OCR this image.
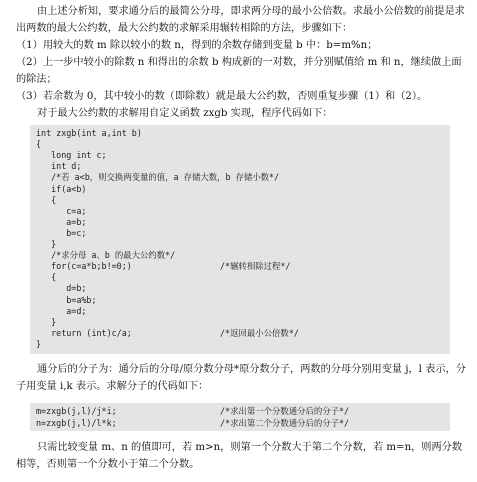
由上述分析知，要求通分后的最简公分母，即求两分母的最小公倍数。求最小公倍数的前提是求出两数的最大公约数，最大公约数的求解采用辗转相除的方法，步骤如下：
（1）用较大的数 m 除以较小的数 n，得到的余数存储到变量 b 中：b=m%n；
（2）上一步中较小的除数 n 和得出的余数 b 构成新的一对数，并分别赋值给 m 和 n，继续做上面的除法；
（3）若余数为 0，其中较小的数（即除数）就是最大公约数，否则重复步骤（1）和（2）。
对于最大公约数的求解用自定义函数 zxgb 实现，程序代码如下：
int zxgb(int a,int b)
{
long int c;
int d;
/*若 a<b，则交换两变量的值，a 存储大数，b 存储小数*/
if(a<b)
{
c=a;
a=b;
b=c;
}
/*求分母 a、b 的最大公约数*/
for(c=a*b;b!=0;)
{
d=b;
b=a%b;
a=d;
}
return (int)c/a;
}
/*辗转相除过程*/
/*返回最小公倍数*/
通分后的分子为：通分后的分母/原分数分母*原分数分子，两数的分母分别用变量 j，l 表示，分子用变量 i,k 表示。求解分子的代码如下：
m=zxgb(j,l)/j*i;
n=zxgb(j,l)/l*k;
/*求出第一个分数通分后的分子*/
/*求出第二个分数通分后的分子*/
只需比较变量 m、n 的值即可，若 m>n，则第一个分数大于第二个分数，若 m=n，则两分数相等，否则第一个分数小于第二个分数。
